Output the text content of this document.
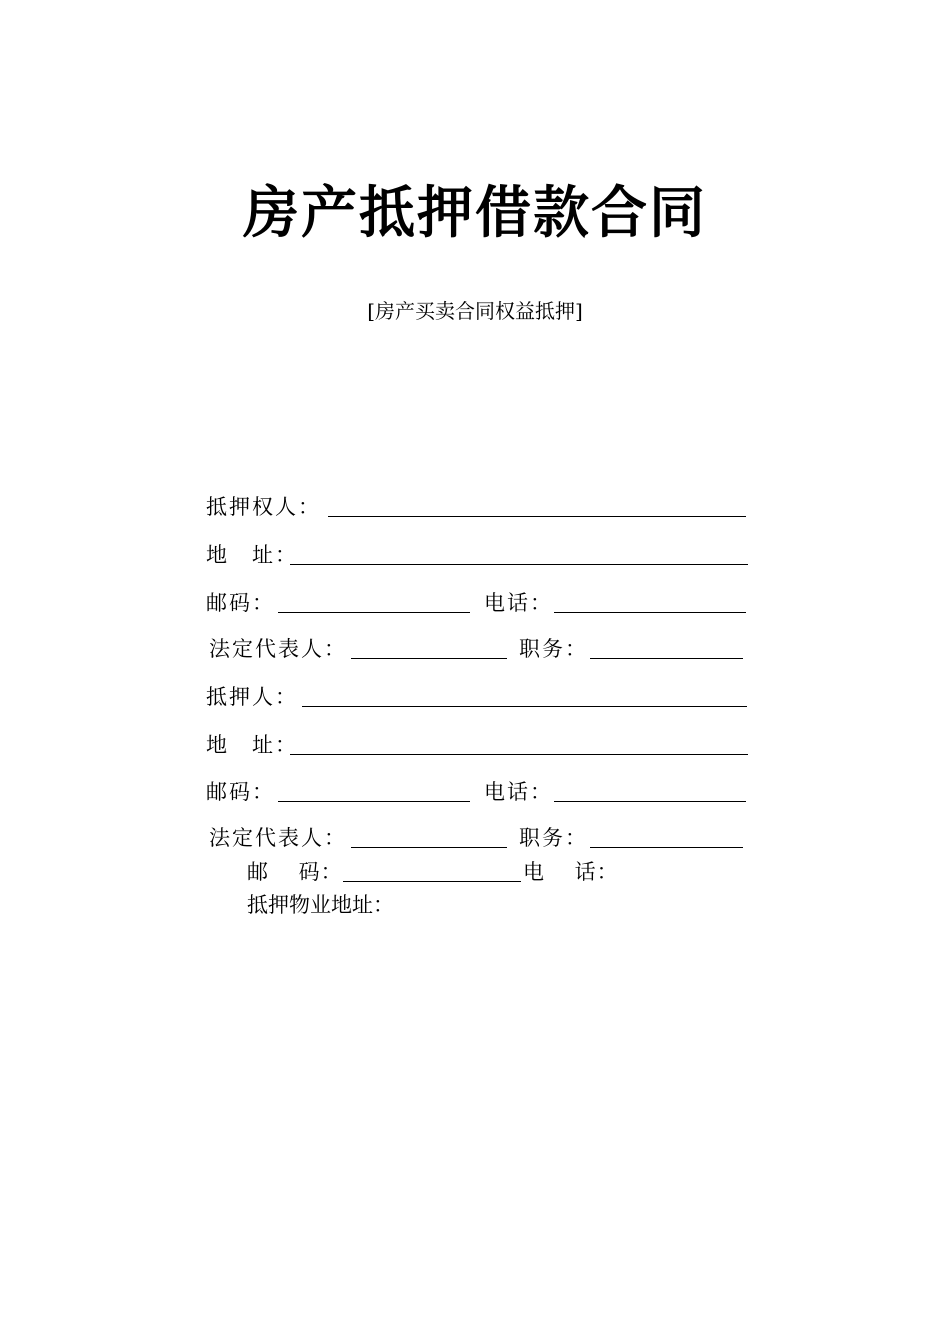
房产抵押借款合同
[房产买卖合同权益抵押]
抵押权人：
地　址：
邮码：	电话：
法定代表人：	职务：
抵押人：
地　址：
邮码：	电话：
法定代表人：	职务：
邮　 码：	电　 话：
抵押物业地址：
